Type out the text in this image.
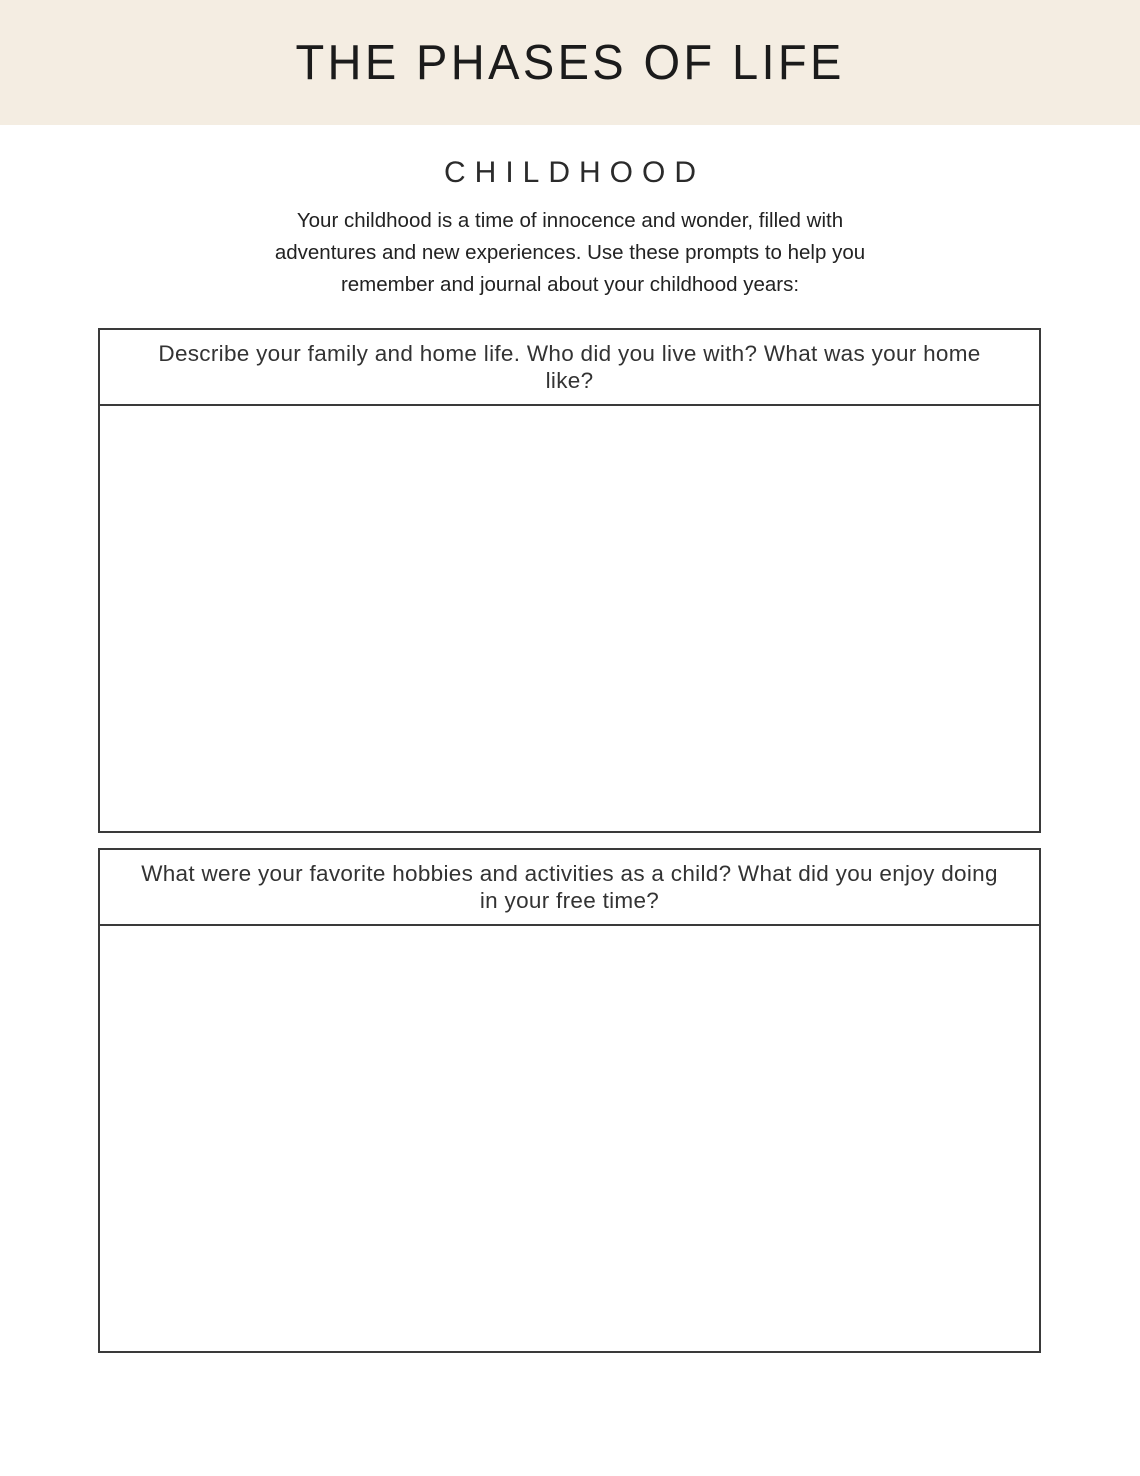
THE PHASES OF LIFE
CHILDHOOD

Your childhood is a time of innocence and wonder, filled with
adventures and new experiences. Use these prompts to help you
remember and journal about your childhood years:

Describe your family and home life. Who did you live with? What was your home
like?
What were your favorite hobbies and activities as a child? What did you enjoy doing
in your free time?
